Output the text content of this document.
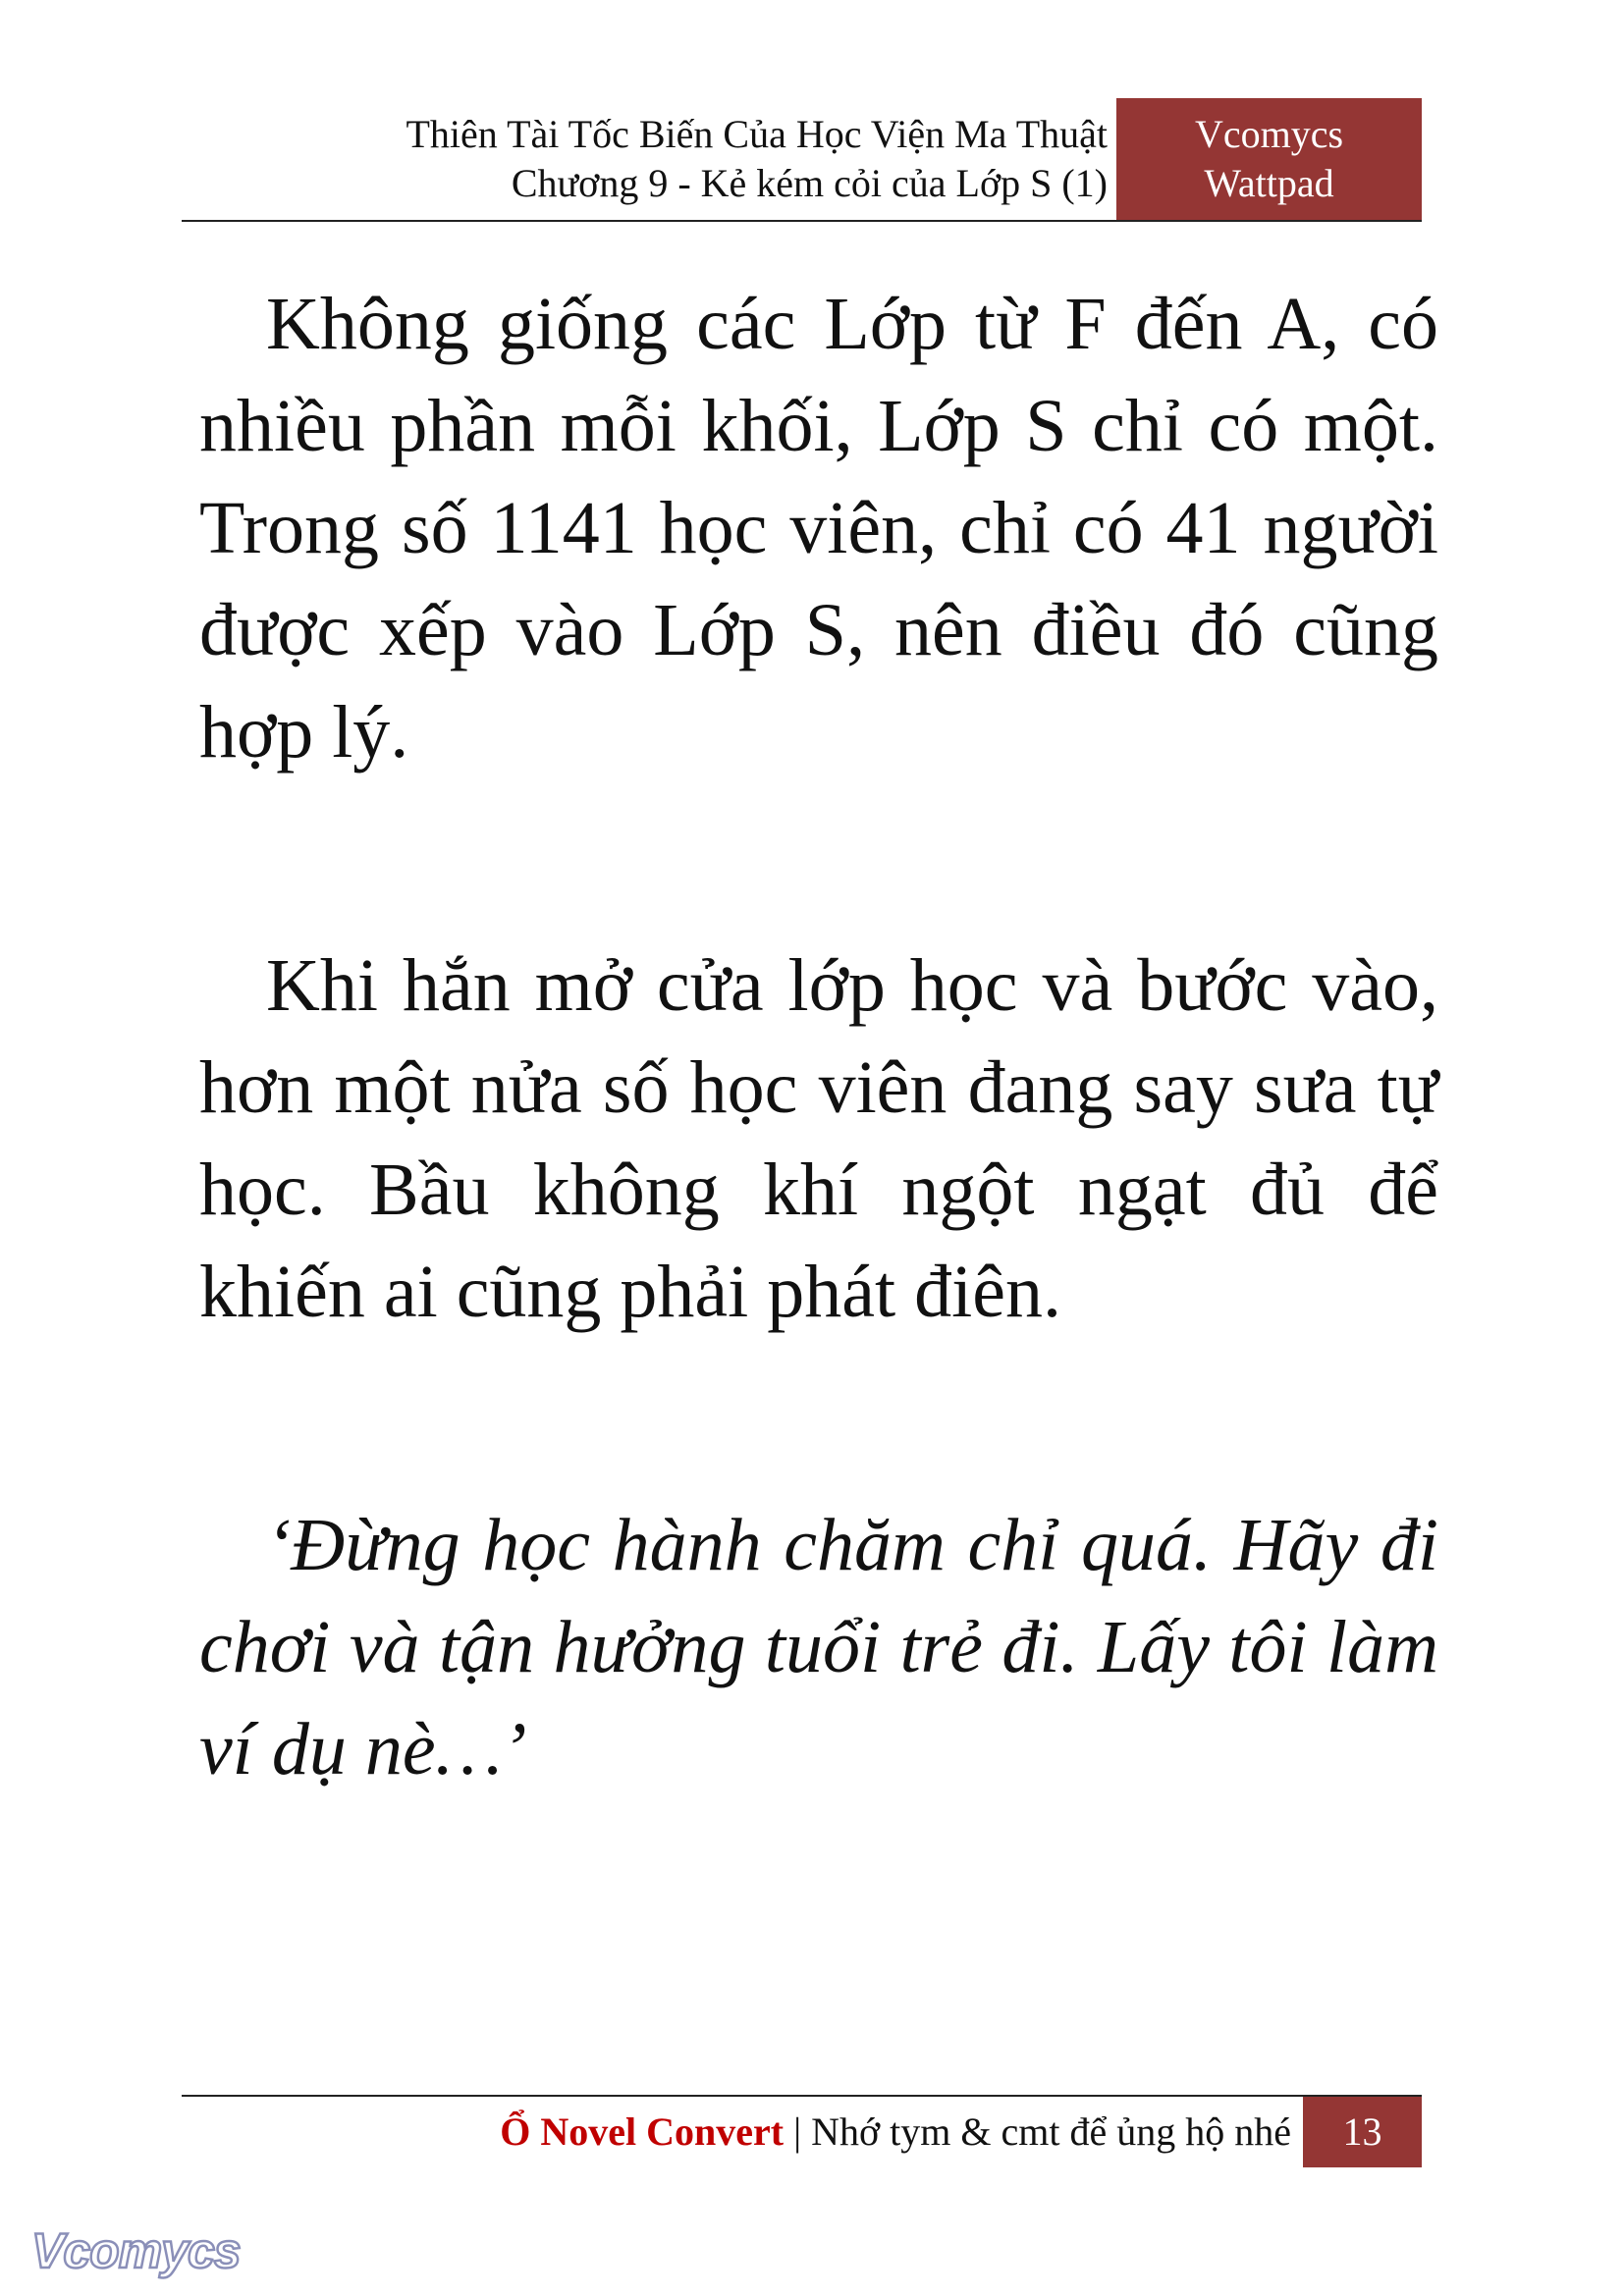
Thiên Tài Tốc Biến Của Học Viện Ma Thuật
Chương 9 - Kẻ kém cỏi của Lớp S (1)
Vcomycs
Wattpad

Không giống các Lớp từ F đến A, có nhiều phần mỗi khối, Lớp S chỉ có một. Trong số 1141 học viên, chỉ có 41 người được xếp vào Lớp S, nên điều đó cũng hợp lý.

Khi hắn mở cửa lớp học và bước vào, hơn một nửa số học viên đang say sưa tự học. Bầu không khí ngột ngạt đủ để khiến ai cũng phải phát điên.

‘Đừng học hành chăm chỉ quá. Hãy đi chơi và tận hưởng tuổi trẻ đi. Lấy tôi làm ví dụ nè…’

Ổ Novel Convert | Nhớ tym & cmt để ủng hộ nhé	13
Vcomycs
